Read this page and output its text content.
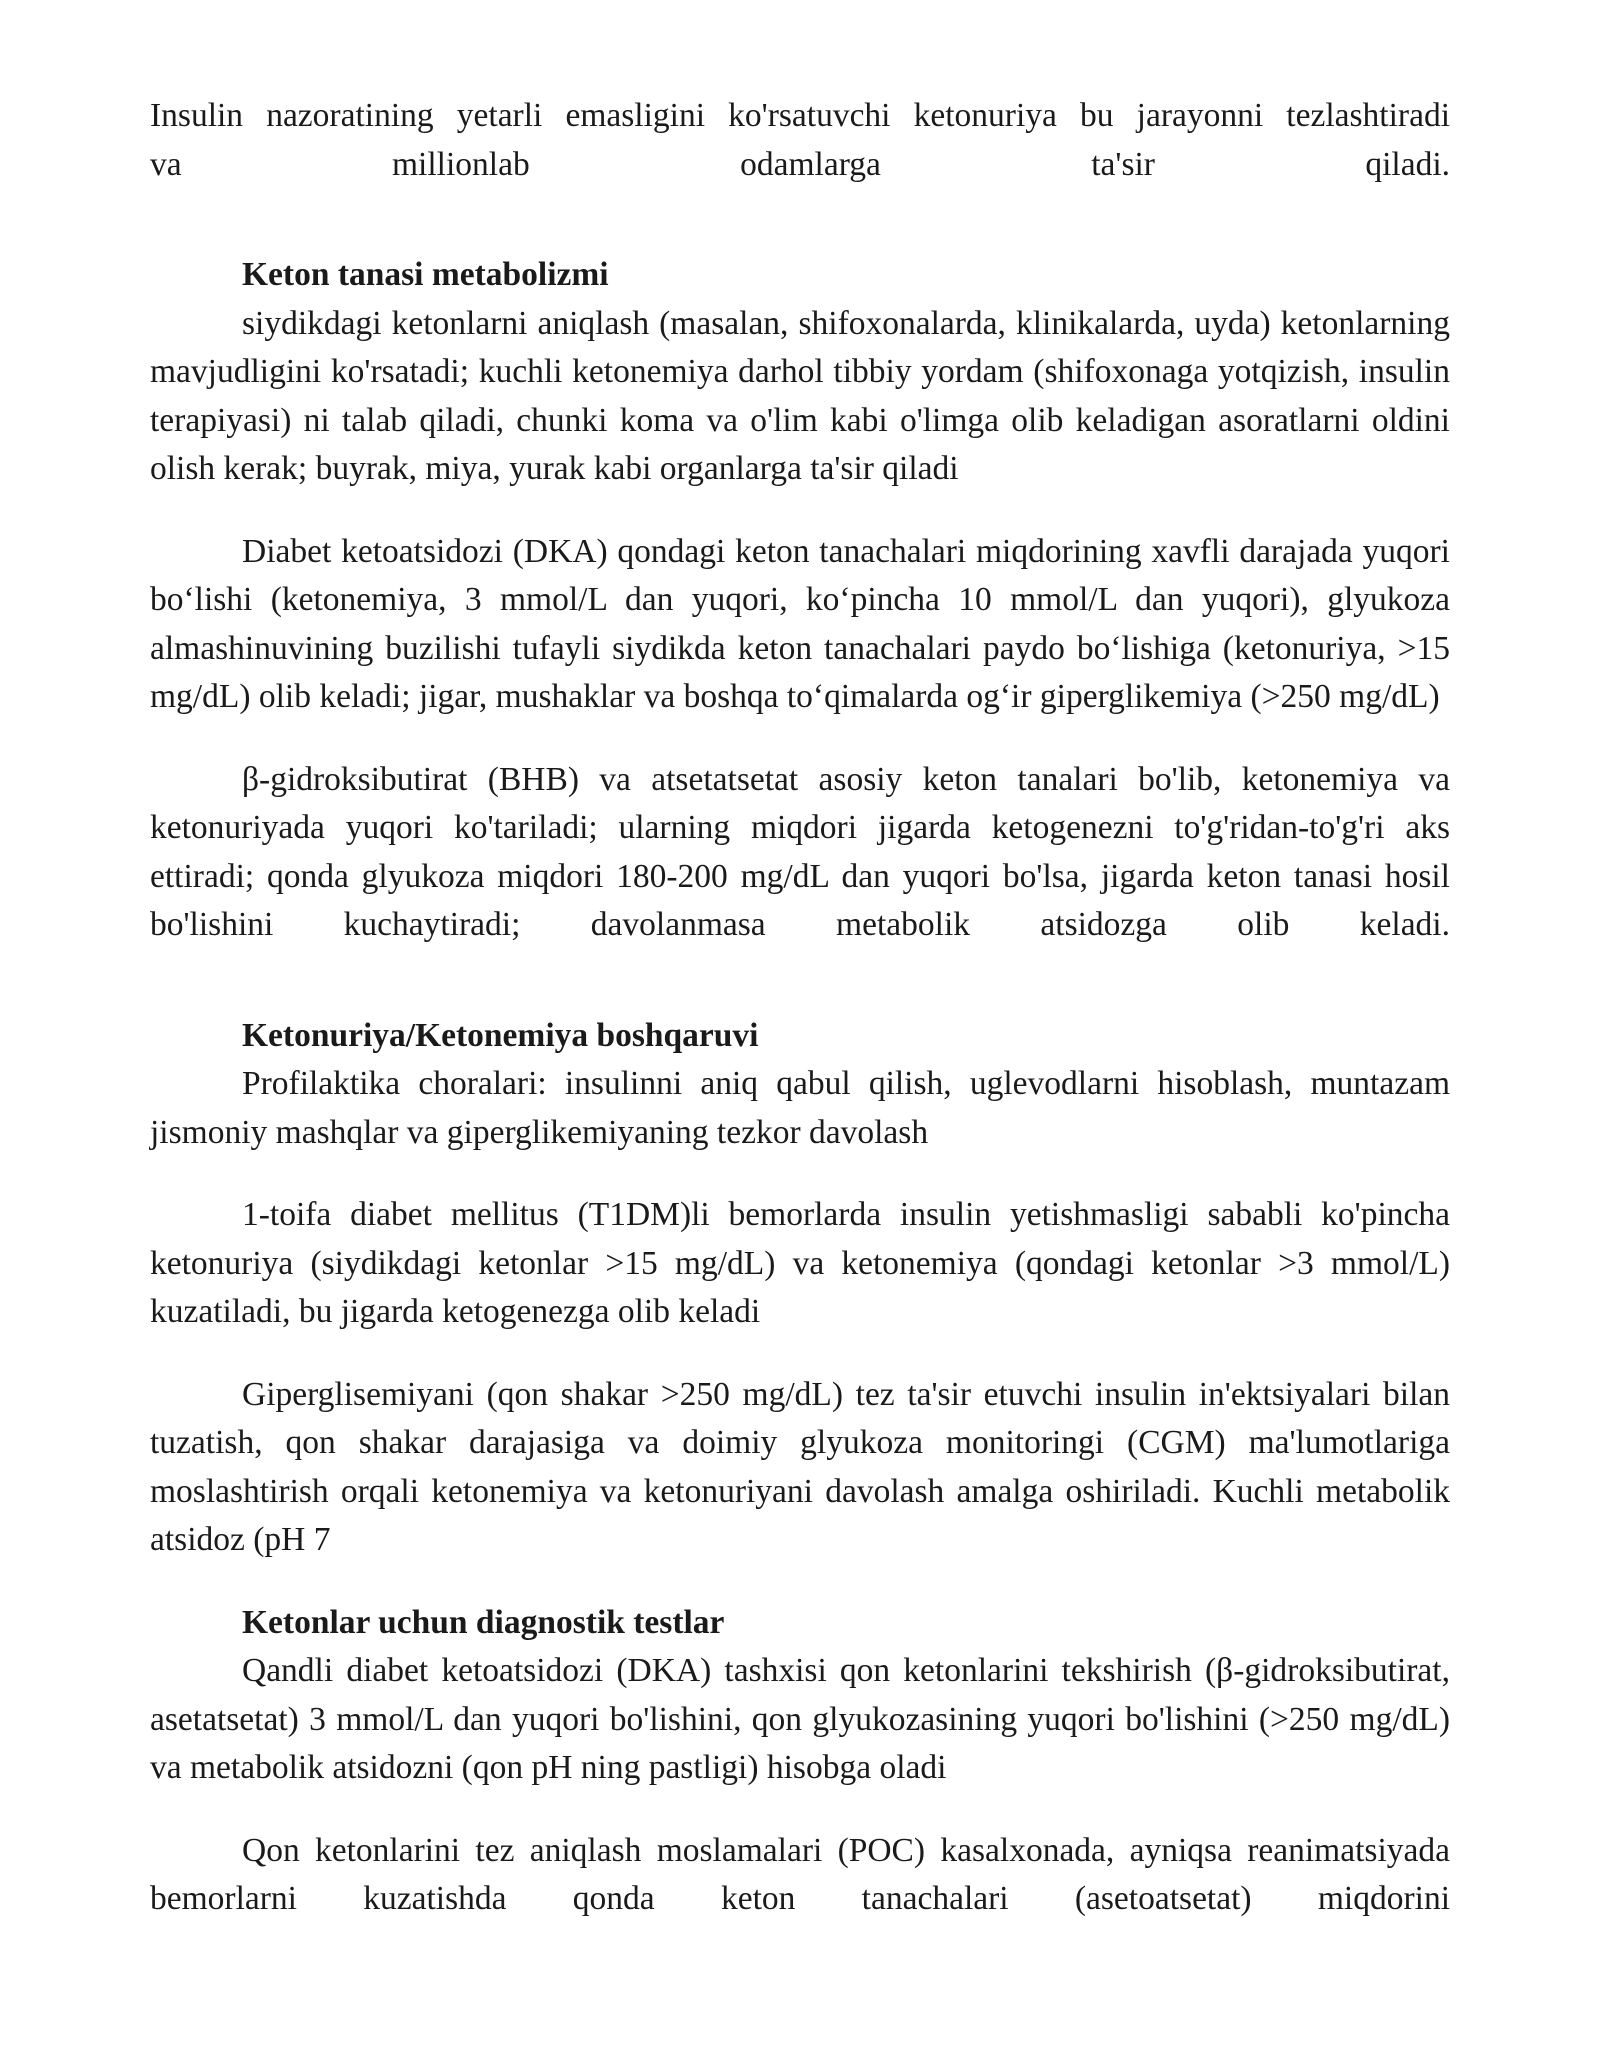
Insulin nazoratining yetarli emasligini ko'rsatuvchi ketonuriya bu jarayonni tezlashtiradi

va millionlab odamlarga ta'sir qiladi.

Keton tanasi metabolizmi

siydikdagi ketonlarni aniqlash (masalan, shifoxonalarda, klinikalarda, uyda) ketonlarning mavjudligini ko'rsatadi; kuchli ketonemiya darhol tibbiy yordam (shifoxonaga yotqizish, insulin terapiyasi) ni talab qiladi, chunki koma va o'lim kabi o'limga olib keladigan asoratlarni oldini olish kerak; buyrak, miya, yurak kabi organlarga ta'sir qiladi

Diabet ketoatsidozi (DKA) qondagi keton tanachalari miqdorining xavfli darajada yuqori bo‘lishi (ketonemiya, 3 mmol/L dan yuqori, ko‘pincha 10 mmol/L dan yuqori), glyukoza almashinuvining buzilishi tufayli siydikda keton tanachalari paydo bo‘lishiga (ketonuriya, >15 mg/dL) olib keladi; jigar, mushaklar va boshqa to‘qimalarda og‘ir giperglikemiya (>250 mg/dL)

β-gidroksibutirat (BHB) va atsetatsetat asosiy keton tanalari bo'lib, ketonemiya va ketonuriyada yuqori ko'tariladi; ularning miqdori jigarda ketogenezni to'g'ridan-to'g'ri aks ettiradi; qonda glyukoza miqdori 180-200 mg/dL dan yuqori bo'lsa, jigarda keton tanasi hosil bo'lishini kuchaytiradi; davolanmasa metabolik atsidozga olib keladi.

Ketonuriya/Ketonemiya boshqaruvi

Profilaktika choralari: insulinni aniq qabul qilish, uglevodlarni hisoblash, muntazam jismoniy mashqlar va giperglikemiyaning tezkor davolash

1-toifa diabet mellitus (T1DM)li bemorlarda insulin yetishmasligi sababli ko'pincha ketonuriya (siydikdagi ketonlar >15 mg/dL) va ketonemiya (qondagi ketonlar >3 mmol/L) kuzatiladi, bu jigarda ketogenezga olib keladi

Giperglisemiyani (qon shakar >250 mg/dL) tez ta'sir etuvchi insulin in'ektsiyalari bilan tuzatish, qon shakar darajasiga va doimiy glyukoza monitoringi (CGM) ma'lumotlariga moslashtirish orqali ketonemiya va ketonuriyani davolash amalga oshiriladi. Kuchli metabolik atsidoz (pH 7

Ketonlar uchun diagnostik testlar

Qandli diabet ketoatsidozi (DKA) tashxisi qon ketonlarini tekshirish (β-gidroksibutirat, asetatsetat) 3 mmol/L dan yuqori bo'lishini, qon glyukozasining yuqori bo'lishini (>250 mg/dL) va metabolik atsidozni (qon pH ning pastligi) hisobga oladi

Qon ketonlarini tez aniqlash moslamalari (POC) kasalxonada, ayniqsa reanimatsiyada bemorlarni kuzatishda qonda keton tanachalari (asetoatsetat) miqdorini
